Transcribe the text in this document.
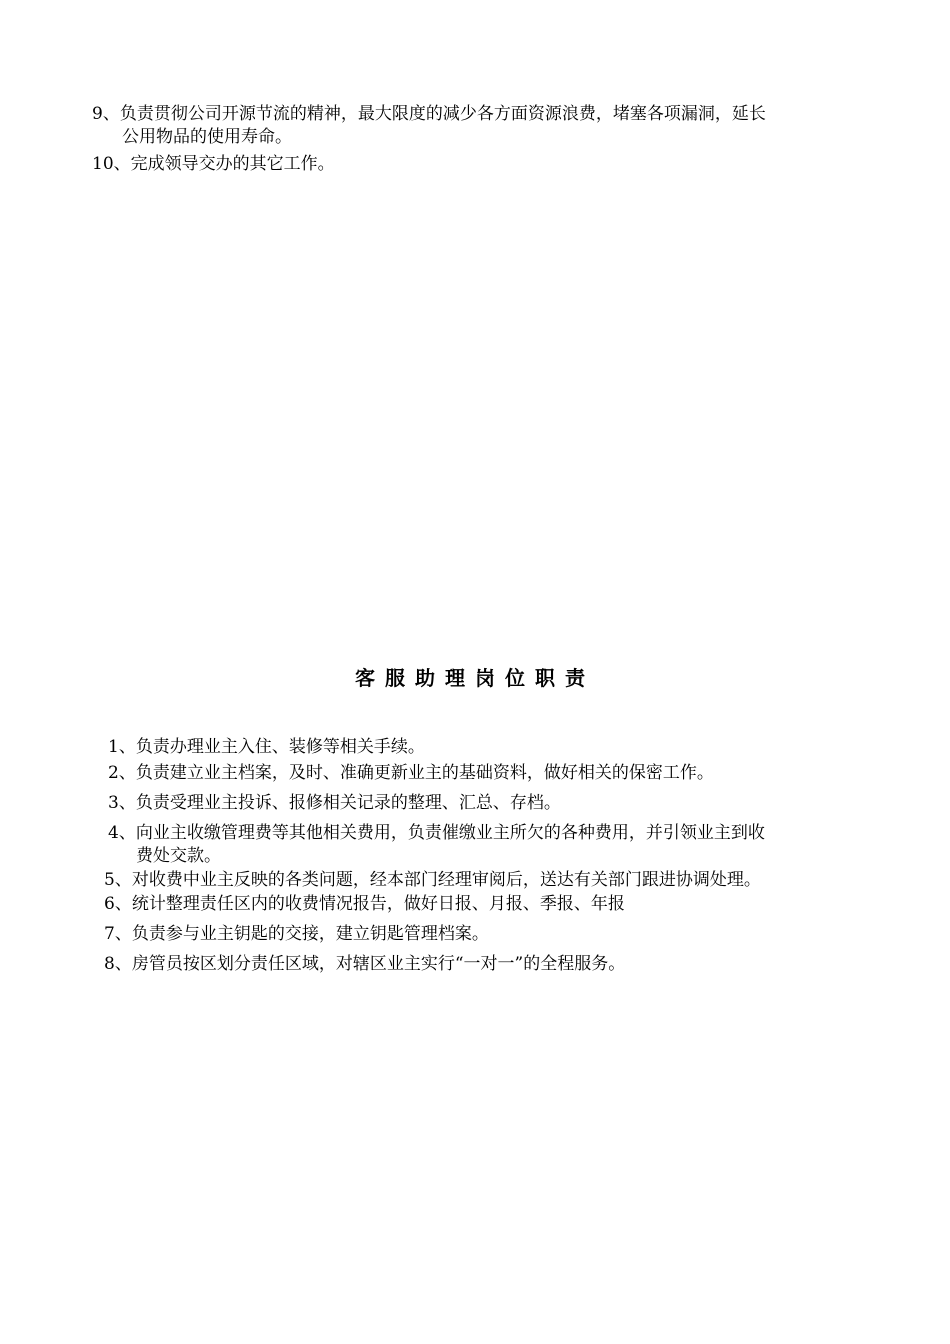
9、负责贯彻公司开源节流的精神，最大限度的减少各方面资源浪费，堵塞各项漏洞，延长

公用物品的使用寿命。

10、完成领导交办的其它工作。

客服助理岗位职责

1、负责办理业主入住、装修等相关手续。

2、负责建立业主档案，及时、准确更新业主的基础资料，做好相关的保密工作。

3、负责受理业主投诉、报修相关记录的整理、汇总、存档。

4、向业主收缴管理费等其他相关费用，负责催缴业主所欠的各种费用，并引领业主到收

费处交款。

5、对收费中业主反映的各类问题，经本部门经理审阅后，送达有关部门跟进协调处理。

6、统计整理责任区内的收费情况报告，做好日报、月报、季报、年报

7、负责参与业主钥匙的交接，建立钥匙管理档案。

8、房管员按区划分责任区域，对辖区业主实行“一对一”的全程服务。
